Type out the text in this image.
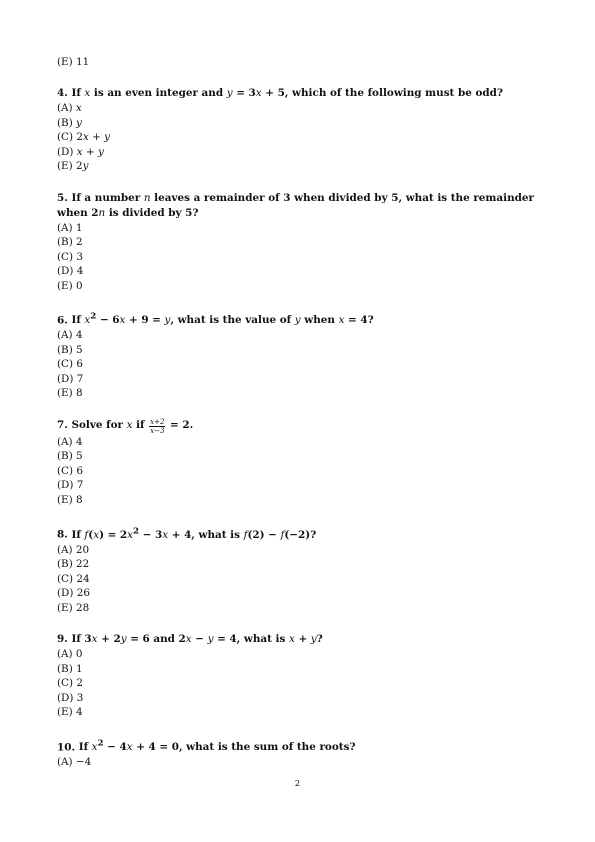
(E) 11
4. If x is an even integer and y = 3x + 5, which of the following must be odd?
(A) x
(B) y
(C) 2x + y
(D) x + y
(E) 2y
5. If a number n leaves a remainder of 3 when divided by 5, what is the remainder when 2n is divided by 5?
(A) 1
(B) 2
(C) 3
(D) 4
(E) 0
6. If $x^2 - 6x + 9 = y$, what is the value of y when x = 4?
(A) 4
(B) 5
(C) 6
(D) 7
(E) 8
7. Solve for x if $\frac{x+2}{x-3} = 2$.
(A) 4
(B) 5
(C) 6
(D) 7
(E) 8
8. If $f(x) = 2x^2 - 3x + 4$, what is f(2) − f(−2)?
(A) 20
(B) 22
(C) 24
(D) 26
(E) 28
9. If 3x + 2y = 6 and 2x − y = 4, what is x + y?
(A) 0
(B) 1
(C) 2
(D) 3
(E) 4
10. If $x^2 - 4x + 4 = 0$, what is the sum of the roots?
(A) −4
2
